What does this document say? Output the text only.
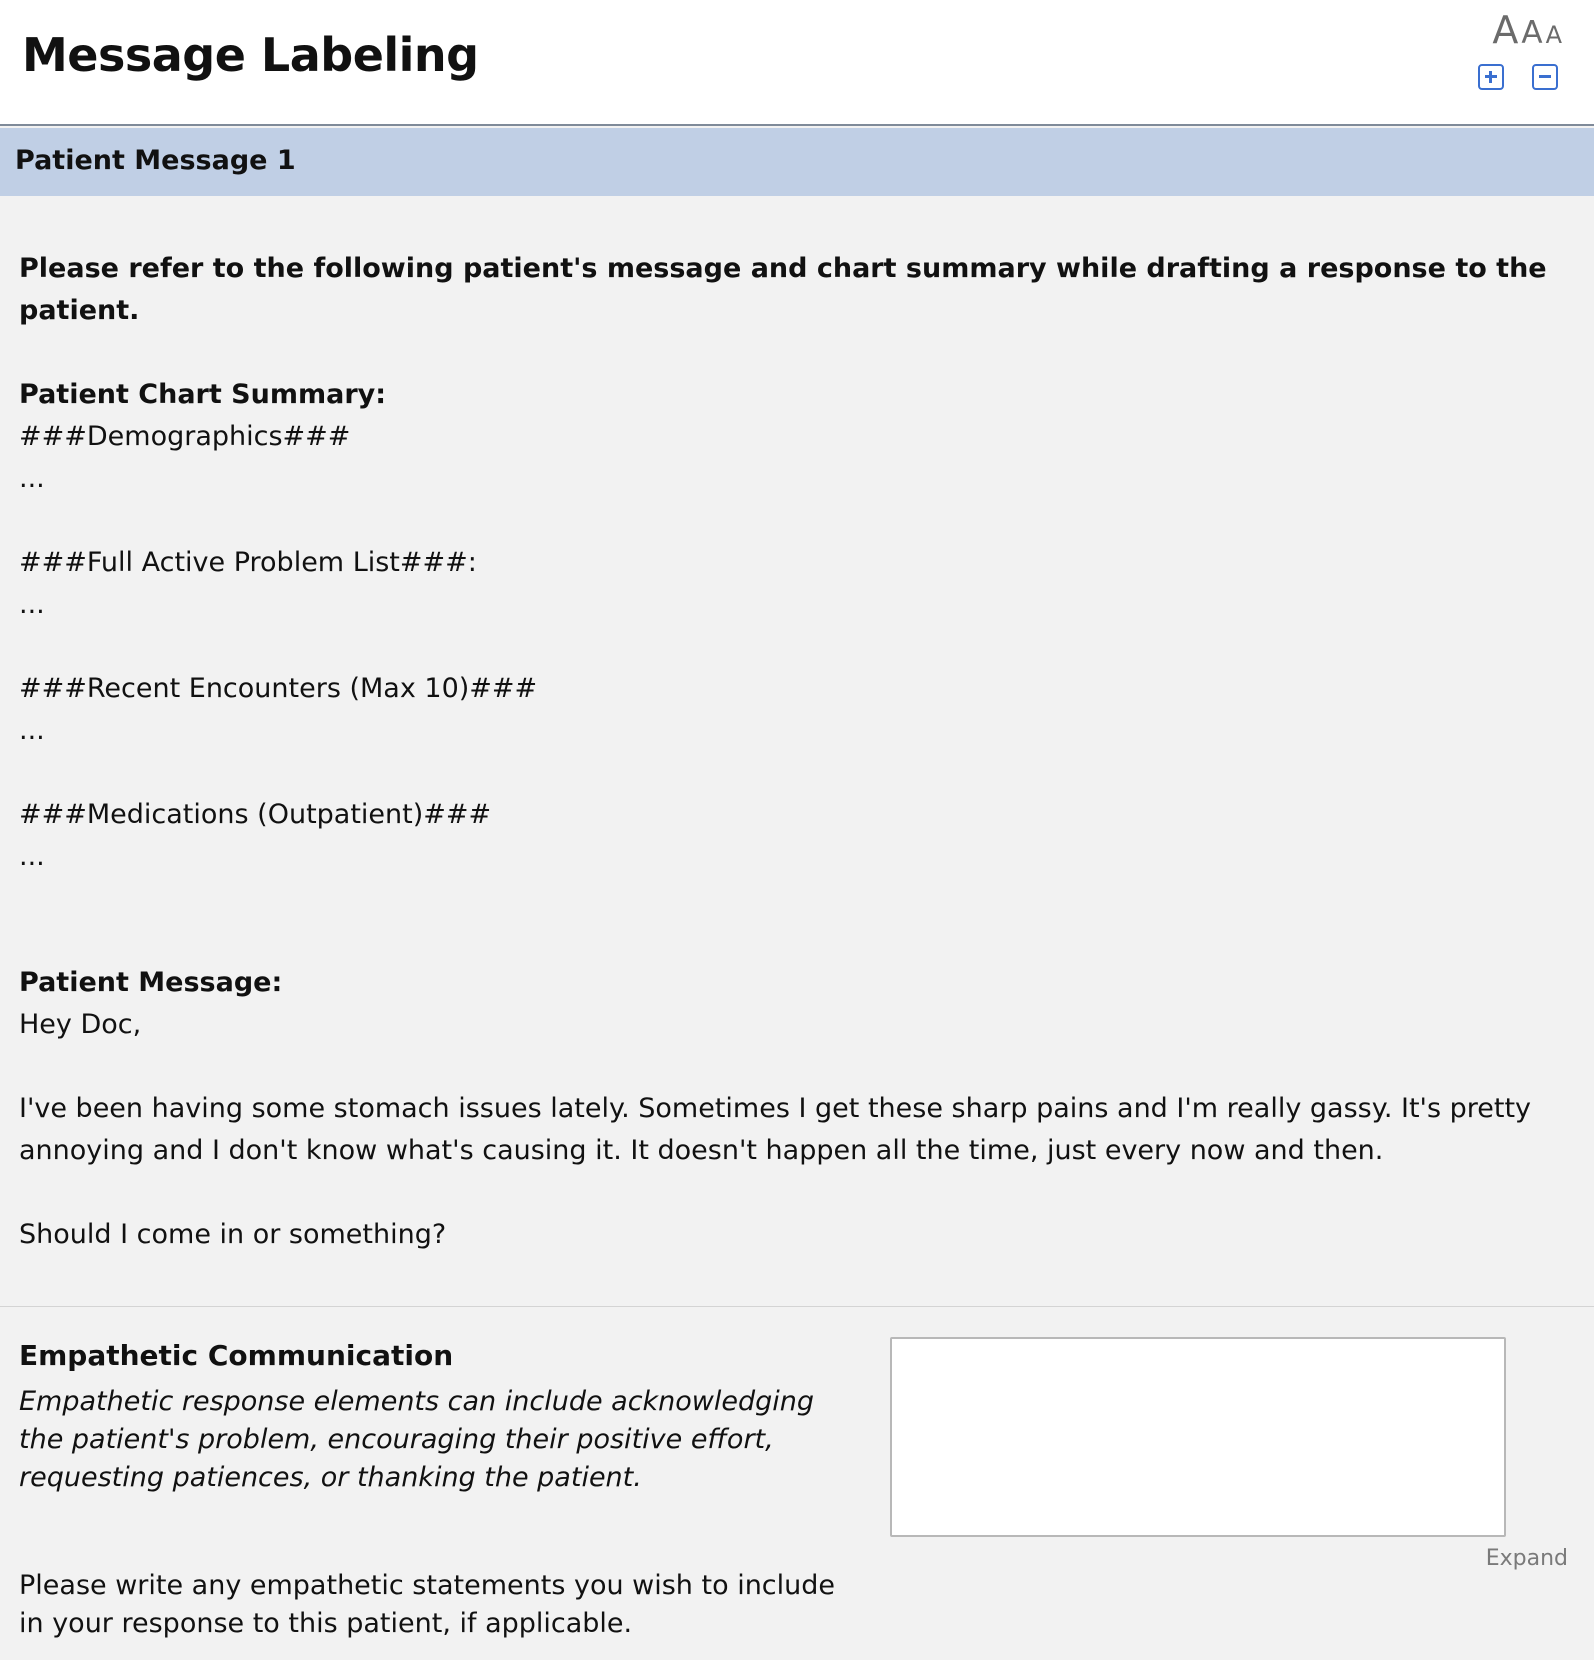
Message Labeling	A A A
Patient Message 1

Please refer to the following patient's message and chart summary while drafting a response to the patient.

Patient Chart Summary:

###Demographics###

...

###Full Active Problem List###:

...

###Recent Encounters (Max 10)###

...

###Medications (Outpatient)###

...

Patient Message:

Hey Doc,

I've been having some stomach issues lately. Sometimes I get these sharp pains and I'm really gassy. It's pretty annoying and I don't know what's causing it. It doesn't happen all the time, just every now and then.

Should I come in or something?

Empathetic Communication

Empathetic response elements can include acknowledging the patient's problem, encouraging their positive effort, requesting patiences, or thanking the patient.

Please write any empathetic statements you wish to include in your response to this patient, if applicable.
Expand
